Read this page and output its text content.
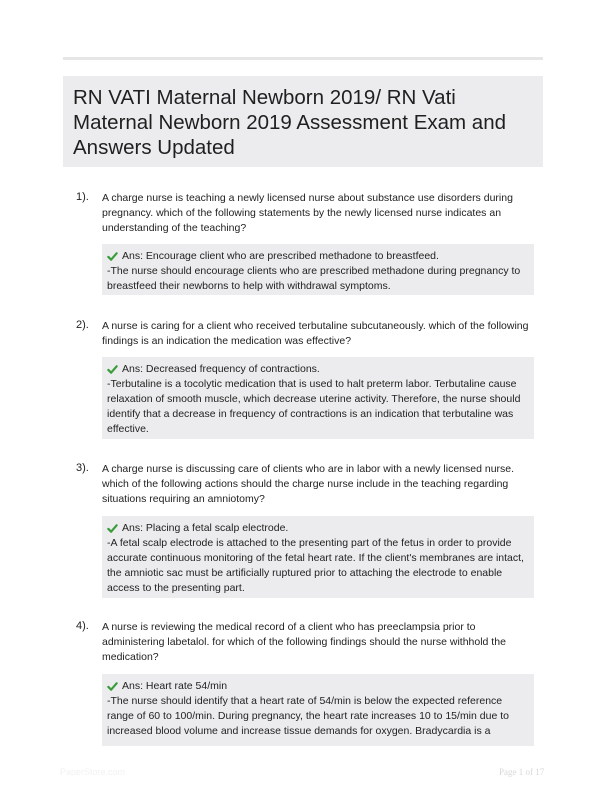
RN VATI Maternal Newborn 2019/ RN Vati Maternal Newborn 2019 Assessment Exam and Answers Updated
1). A charge nurse is teaching a newly licensed nurse about substance use disorders during pregnancy. which of the following statements by the newly licensed nurse indicates an understanding of the teaching?
Ans: Encourage client who are prescribed methadone to breastfeed.
-The nurse should encourage clients who are prescribed methadone during pregnancy to breastfeed their newborns to help with withdrawal symptoms.
2). A nurse is caring for a client who received terbutaline subcutaneously. which of the following findings is an indication the medication was effective?
Ans: Decreased frequency of contractions.
-Terbutaline is a tocolytic medication that is used to halt preterm labor. Terbutaline cause relaxation of smooth muscle, which decrease uterine activity. Therefore, the nurse should identify that a decrease in frequency of contractions is an indication that terbutaline was effective.
3). A charge nurse is discussing care of clients who are in labor with a newly licensed nurse. which of the following actions should the charge nurse include in the teaching regarding situations requiring an amniotomy?
Ans: Placing a fetal scalp electrode.
-A fetal scalp electrode is attached to the presenting part of the fetus in order to provide accurate continuous monitoring of the fetal heart rate. If the client's membranes are intact, the amniotic sac must be artificially ruptured prior to attaching the electrode to enable access to the presenting part.
4). A nurse is reviewing the medical record of a client who has preeclampsia prior to administering labetalol. for which of the following findings should the nurse withhold the medication?
Ans: Heart rate 54/min
-The nurse should identify that a heart rate of 54/min is below the expected reference range of 60 to 100/min. During pregnancy, the heart rate increases 10 to 15/min due to increased blood volume and increase tissue demands for oxygen. Bradycardia is a
PaperStore.com	Page 1 of 17
